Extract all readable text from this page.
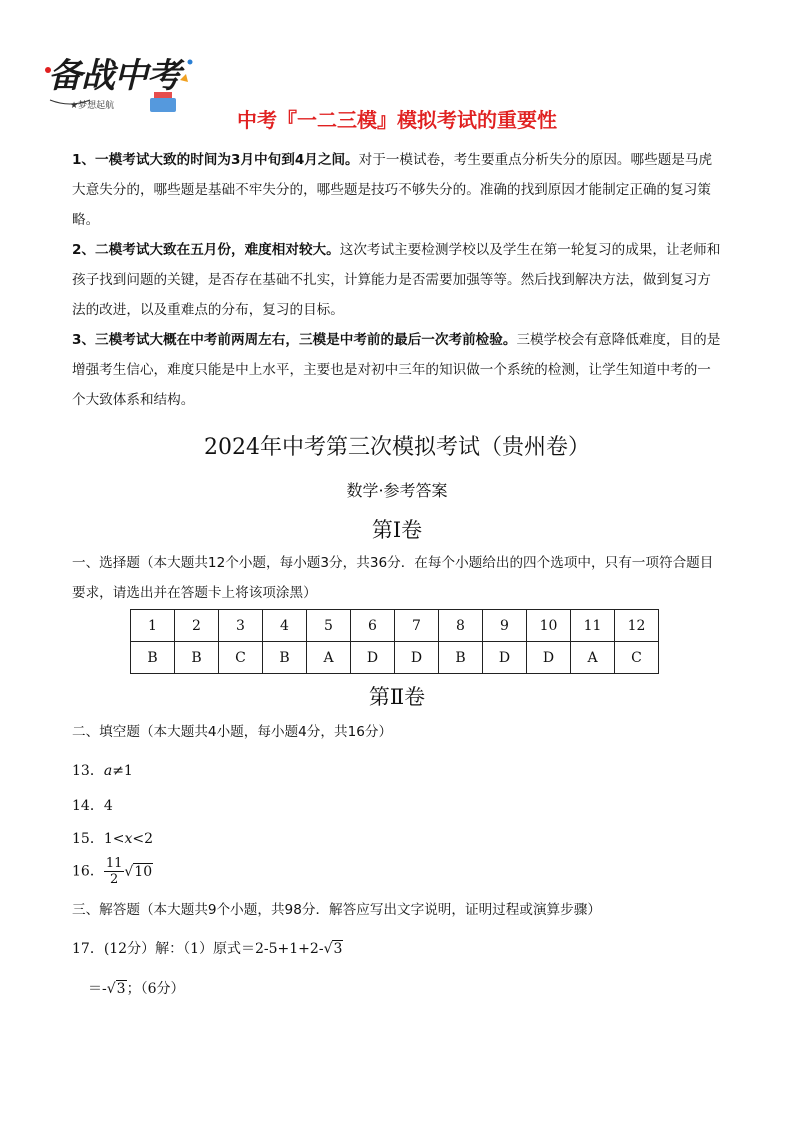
备战中考
★梦想起航
中考『一二三模』模拟考试的重要性

1、一模考试大致的时间为3月中旬到4月之间。对于一模试卷，考生要重点分析失分的原因。哪些题是马虎大意失分的，哪些题是基础不牢失分的，哪些题是技巧不够失分的。准确的找到原因才能制定正确的复习策略。

2、二模考试大致在五月份，难度相对较大。这次考试主要检测学校以及学生在第一轮复习的成果，让老师和孩子找到问题的关键，是否存在基础不扎实，计算能力是否需要加强等等。然后找到解决方法，做到复习方法的改进，以及重难点的分布，复习的目标。

3、三模考试大概在中考前两周左右，三模是中考前的最后一次考前检验。三模学校会有意降低难度，目的是增强考生信心，难度只能是中上水平，主要也是对初中三年的知识做一个系统的检测，让学生知道中考的一个大致体系和结构。

2024年中考第三次模拟考试（贵州卷）
数学·参考答案
第Ⅰ卷
一、选择题（本大题共12个小题，每小题3分，共36分．在每个小题给出的四个选项中，只有一项符合题目要求，请选出并在答题卡上将该项涂黑）
1	2	3	4	5	6	7	8	9	10	11	12
B	B	C	B	A	D	D	B	D	D	A	C
第Ⅱ卷
二、填空题（本大题共4小题，每小题4分，共16分）
13．a≠1
14．4
15．1<x<2
16． $\frac{11}{2} √10$
三、解答题（本大题共9个小题，共98分．解答应写出文字说明，证明过程或演算步骤）
17．(12分）解：（1）原式＝2-5+1+2-√3
＝-√3；（6分）
